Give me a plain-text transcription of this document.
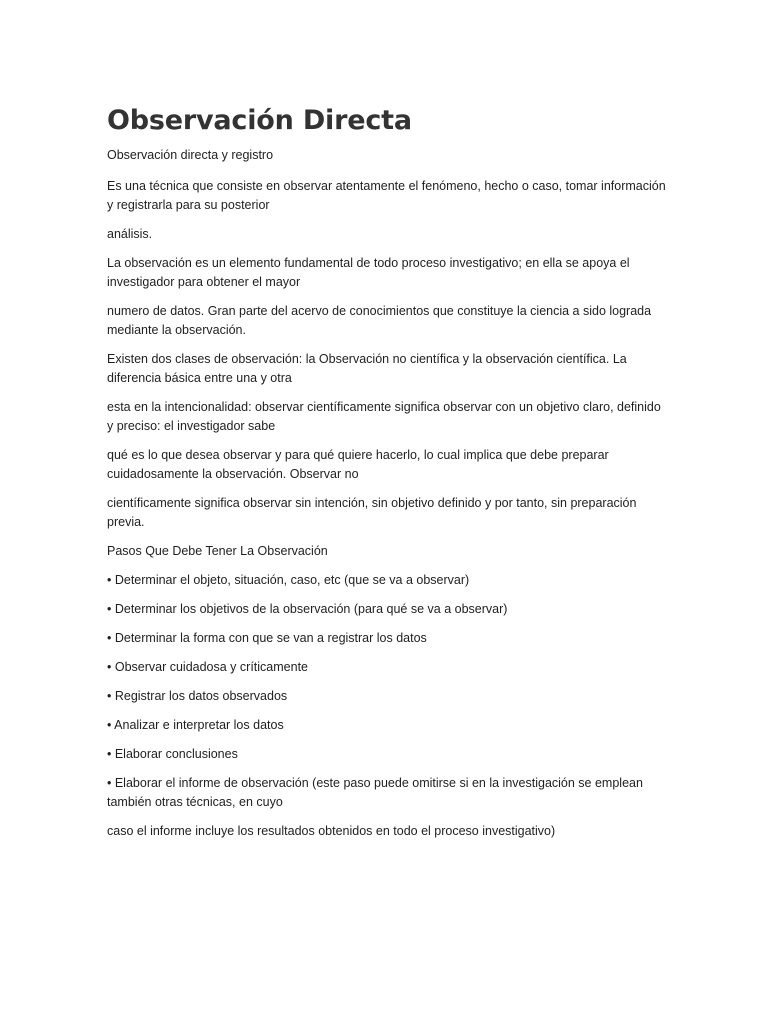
Observación Directa

Observación directa y registro

Es una técnica que consiste en observar atentamente el fenómeno, hecho o caso, tomar información y registrarla para su posterior

análisis.

La observación es un elemento fundamental de todo proceso investigativo; en ella se apoya el investigador para obtener el mayor

numero de datos. Gran parte del acervo de conocimientos que constituye la ciencia a sido lograda mediante la observación.

Existen dos clases de observación: la Observación no científica y la observación científica. La diferencia básica entre una y otra

esta en la intencionalidad: observar científicamente significa observar con un objetivo claro, definido y preciso: el investigador sabe

qué es lo que desea observar y para qué quiere hacerlo, lo cual implica que debe preparar cuidadosamente la observación. Observar no

científicamente significa observar sin intención, sin objetivo definido y por tanto, sin preparación previa.

Pasos Que Debe Tener La Observación

• Determinar el objeto, situación, caso, etc (que se va a observar)

• Determinar los objetivos de la observación (para qué se va a observar)

• Determinar la forma con que se van a registrar los datos

• Observar cuidadosa y críticamente

• Registrar los datos observados

• Analizar e interpretar los datos

• Elaborar conclusiones

• Elaborar el informe de observación (este paso puede omitirse si en la investigación se emplean también otras técnicas, en cuyo

caso el informe incluye los resultados obtenidos en todo el proceso investigativo)
